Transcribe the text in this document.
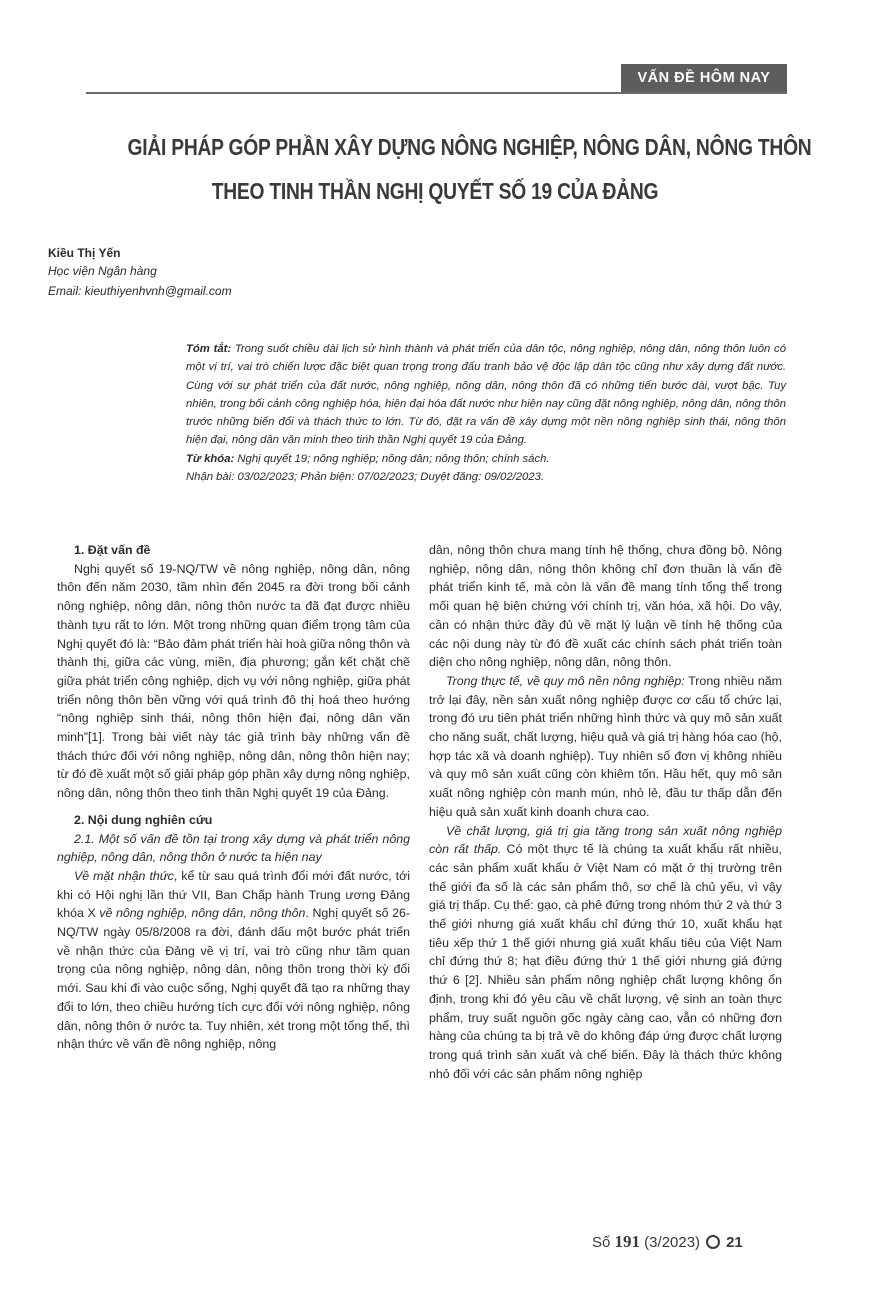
VẤN ĐỀ HÔM NAY
GIẢI PHÁP GÓP PHẦN XÂY DỰNG NÔNG NGHIỆP, NÔNG DÂN, NÔNG THÔN
THEO TINH THẦN NGHỊ QUYẾT SỐ 19 CỦA ĐẢNG
Kiều Thị Yến
Học viện Ngân hàng
Email: kieuthiyenhvnh@gmail.com

Tóm tắt: Trong suốt chiều dài lịch sử hình thành và phát triển của dân tộc, nông nghiệp, nông dân, nông thôn luôn có một vị trí, vai trò chiến lược đặc biệt quan trọng trong đấu tranh bảo vệ độc lập dân tộc cũng như xây dựng đất nước. Cùng với sự phát triển của đất nước, nông nghiệp, nông dân, nông thôn đã có những tiến bước dài, vượt bậc. Tuy nhiên, trong bối cảnh công nghiệp hóa, hiện đại hóa đất nước như hiện nay cũng đặt nông nghiệp, nông dân, nông thôn trước những biến đổi và thách thức to lớn. Từ đó, đặt ra vấn đề xây dựng một nền nông nghiệp sinh thái, nông thôn hiện đại, nông dân văn minh theo tinh thần Nghị quyết 19 của Đảng.

Từ khóa: Nghị quyết 19; nông nghiệp; nông dân; nông thôn; chính sách.

Nhận bài: 03/02/2023; Phản biện: 07/02/2023; Duyệt đăng: 09/02/2023.

1. Đặt vấn đề

Nghị quyết số 19-NQ/TW về nông nghiệp, nông dân, nông thôn đến năm 2030, tầm nhìn đến 2045 ra đời trong bối cảnh nông nghiệp, nông dân, nông thôn nước ta đã đạt được nhiều thành tựu rất to lớn. Một trong những quan điểm trọng tâm của Nghị quyết đó là: “Bảo đảm phát triển hài hoà giữa nông thôn và thành thị, giữa các vùng, miền, địa phương; gắn kết chặt chẽ giữa phát triển công nghiệp, dịch vụ với nông nghiệp, giữa phát triển nông thôn bền vững với quá trình đô thị hoá theo hướng “nông nghiệp sinh thái, nông thôn hiện đại, nông dân văn minh”[1]. Trong bài viết này tác giả trình bày những vấn đề thách thức đối với nông nghiệp, nông dân, nông thôn hiện nay; từ đó đề xuất một số giải pháp góp phần xây dựng nông nghiệp, nông dân, nông thôn theo tinh thần Nghị quyết 19 của Đảng.

2. Nội dung nghiên cứu

2.1. Một số vấn đề tồn tại trong xây dựng và phát triển nông nghiệp, nông dân, nông thôn ở nước ta hiện nay

Về mặt nhận thức, kể từ sau quá trình đổi mới đất nước, tới khi có Hội nghị lần thứ VII, Ban Chấp hành Trung ương Đảng khóa X về nông nghiệp, nông dân, nông thôn. Nghị quyết số 26-NQ/TW ngày 05/8/2008 ra đời, đánh dấu một bước phát triển về nhận thức của Đảng về vị trí, vai trò cũng như tầm quan trọng của nông nghiệp, nông dân, nông thôn trong thời kỳ đổi mới. Sau khi đi vào cuộc sống, Nghị quyết đã tạo ra những thay đổi to lớn, theo chiều hướng tích cực đối với nông nghiệp, nông dân, nông thôn ở nước ta. Tuy nhiên, xét trong một tổng thể, thì nhận thức về vấn đề nông nghiệp, nông

dân, nông thôn chưa mang tính hệ thống, chưa đồng bộ. Nông nghiệp, nông dân, nông thôn không chỉ đơn thuần là vấn đề phát triển kinh tế, mà còn là vấn đề mang tính tổng thể trong mối quan hệ biện chứng với chính trị, văn hóa, xã hội. Do vậy, cần có nhận thức đầy đủ về mặt lý luận về tính hệ thống của các nội dung này từ đó đề xuất các chính sách phát triển toàn diện cho nông nghiệp, nông dân, nông thôn.

Trong thực tế, về quy mô nền nông nghiệp: Trong nhiều năm trở lại đây, nền sản xuất nông nghiệp được cơ cấu tổ chức lại, trong đó ưu tiên phát triển những hình thức và quy mô sản xuất cho năng suất, chất lượng, hiệu quả và giá trị hàng hóa cao (hộ, hợp tác xã và doanh nghiệp). Tuy nhiên số đơn vị không nhiều và quy mô sản xuất cũng còn khiêm tốn. Hầu hết, quy mô sản xuất nông nghiệp còn manh mún, nhỏ lẻ, đầu tư thấp dẫn đến hiệu quả sản xuất kinh doanh chưa cao.

Về chất lượng, giá trị gia tăng trong sản xuất nông nghiệp còn rất thấp. Có một thực tế là chúng ta xuất khẩu rất nhiều, các sản phẩm xuất khẩu ở Việt Nam có mặt ở thị trường trên thế giới đa số là các sản phẩm thô, sơ chế là chủ yếu, vì vậy giá trị thấp. Cụ thể: gạo, cà phê đứng trong nhóm thứ 2 và thứ 3 thế giới nhưng giá xuất khẩu chỉ đứng thứ 10, xuất khẩu hạt tiêu xếp thứ 1 thế giới nhưng giá xuất khẩu tiêu của Việt Nam chỉ đứng thứ 8; hạt điều đứng thứ 1 thế giới nhưng giá đứng thứ 6 [2]. Nhiều sản phẩm nông nghiệp chất lượng không ổn định, trong khi đó yêu cầu về chất lượng, vệ sinh an toàn thực phẩm, truy suất nguồn gốc ngày càng cao, vẫn có những đơn hàng của chúng ta bị trả về do không đáp ứng được chất lượng trong quá trình sản xuất và chế biến. Đây là thách thức không nhỏ đối với các sản phẩm nông nghiệp

Số 191 (3/2023) 21
